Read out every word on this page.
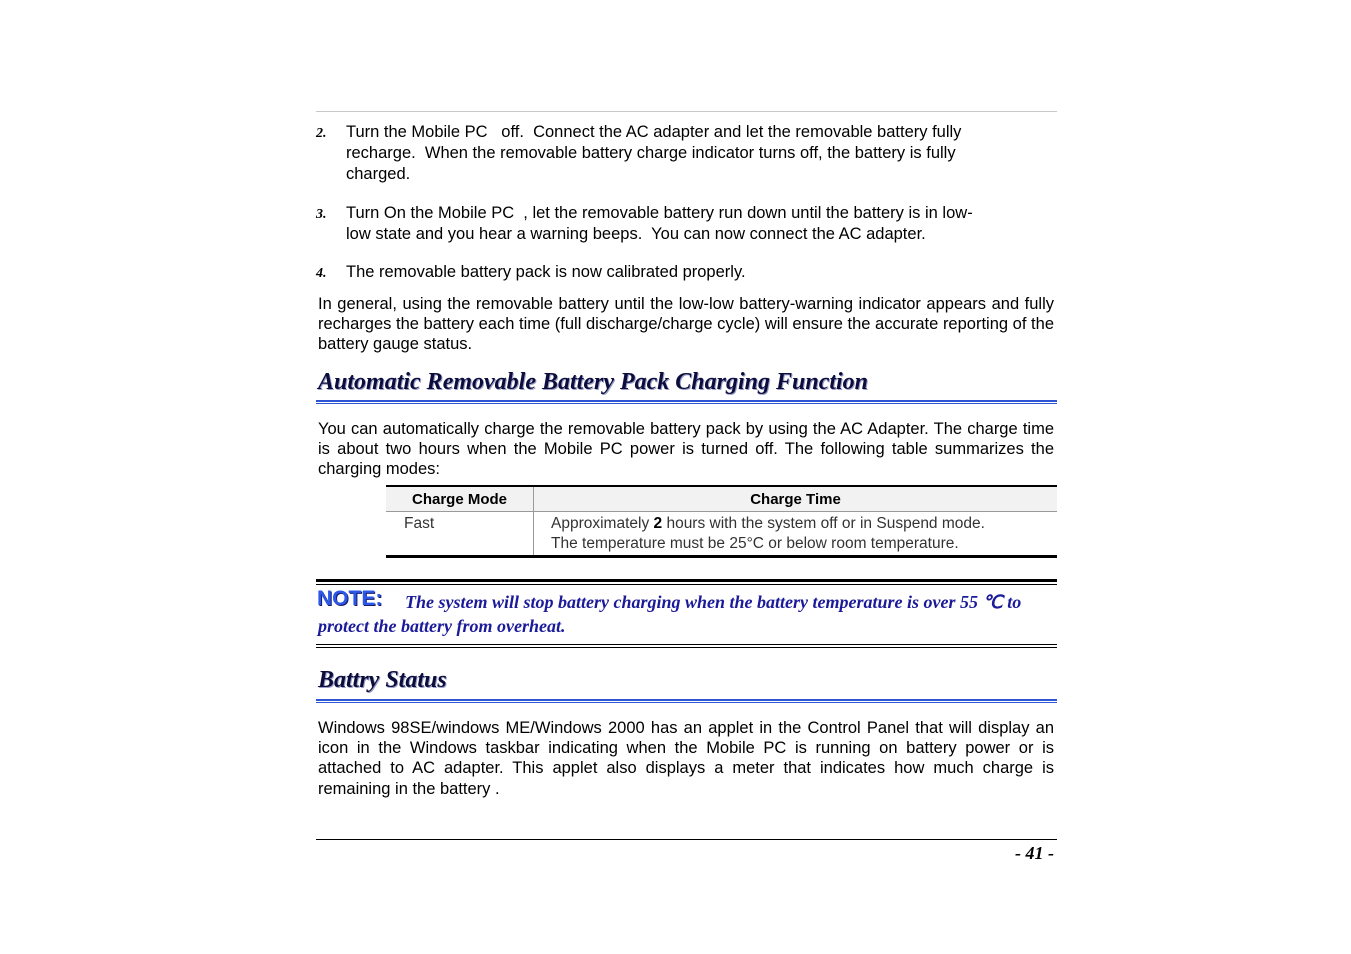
2. Turn the Mobile PC   off.  Connect the AC adapter and let the removable battery fully
recharge.  When the removable battery charge indicator turns off, the battery is fully
charged.
3. Turn On the Mobile PC  , let the removable battery run down until the battery is in low-
low state and you hear a warning beeps.  You can now connect the AC adapter.
4. The removable battery pack is now calibrated properly.
In general, using the removable battery until the low-low battery-warning indicator appears and fully recharges the battery each time (full discharge/charge cycle) will ensure the accurate reporting of the battery gauge status.
Automatic Removable Battery Pack Charging Function
You can automatically charge the removable battery pack by using the AC Adapter. The charge time is about two hours when the Mobile PC power is turned off. The following table summarizes the charging modes:
Charge Mode	Charge Time
Fast	Approximately 2 hours with the system off or in Suspend mode.
The temperature must be 25°C or below room temperature.
NOTE:	The system will stop battery charging when the battery temperature is over 55 ℃ to protect the battery from overheat.
Battry Status
Windows 98SE/windows ME/Windows 2000 has an applet in the Control Panel that will display an icon in the Windows taskbar indicating when the Mobile PC is running on battery power or is attached to AC adapter. This applet also displays a meter that indicates how much charge is remaining in the battery .
- 41 -
